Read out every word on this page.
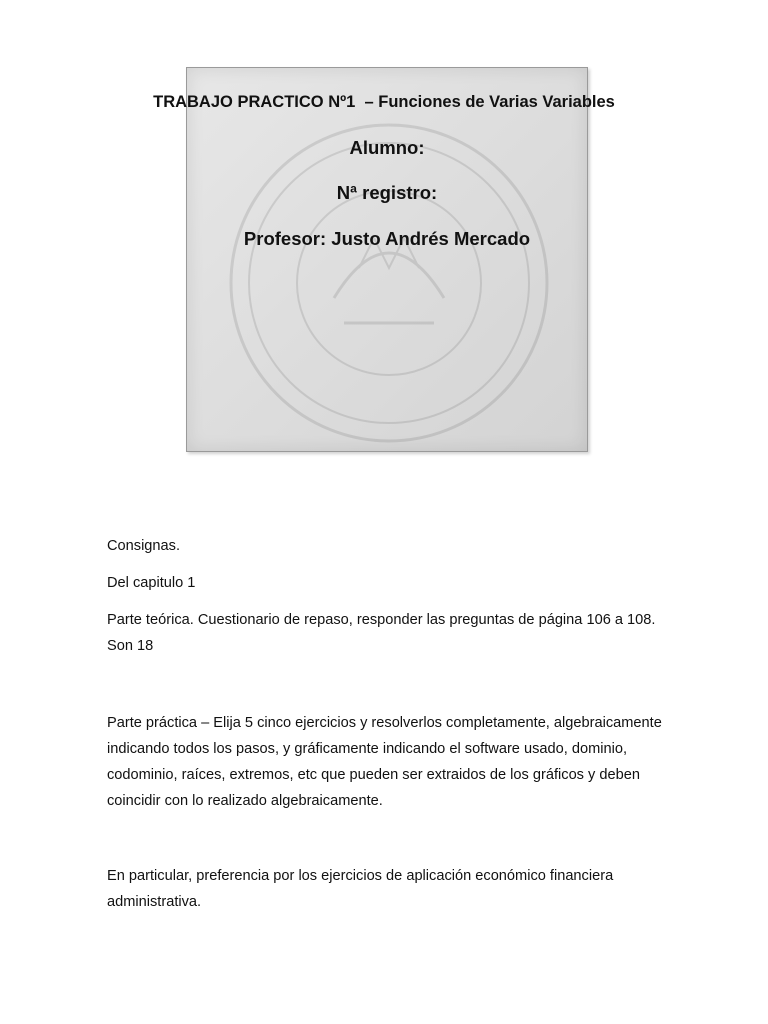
TRABAJO PRACTICO Nº1  – Funciones de Varias Variables
Alumno:
Nª registro:
Profesor: Justo Andrés Mercado

Consignas.

Del capitulo 1

Parte teórica. Cuestionario de repaso, responder las preguntas de página 106 a 108. Son 18

Parte práctica – Elija 5 cinco ejercicios y resolverlos completamente, algebraicamente indicando todos los pasos, y gráficamente indicando el software usado, dominio, codominio, raíces, extremos, etc que pueden ser extraidos de los gráficos y deben coincidir con lo realizado algebraicamente.

En particular, preferencia por los ejercicios de aplicación económico financiera administrativa.
